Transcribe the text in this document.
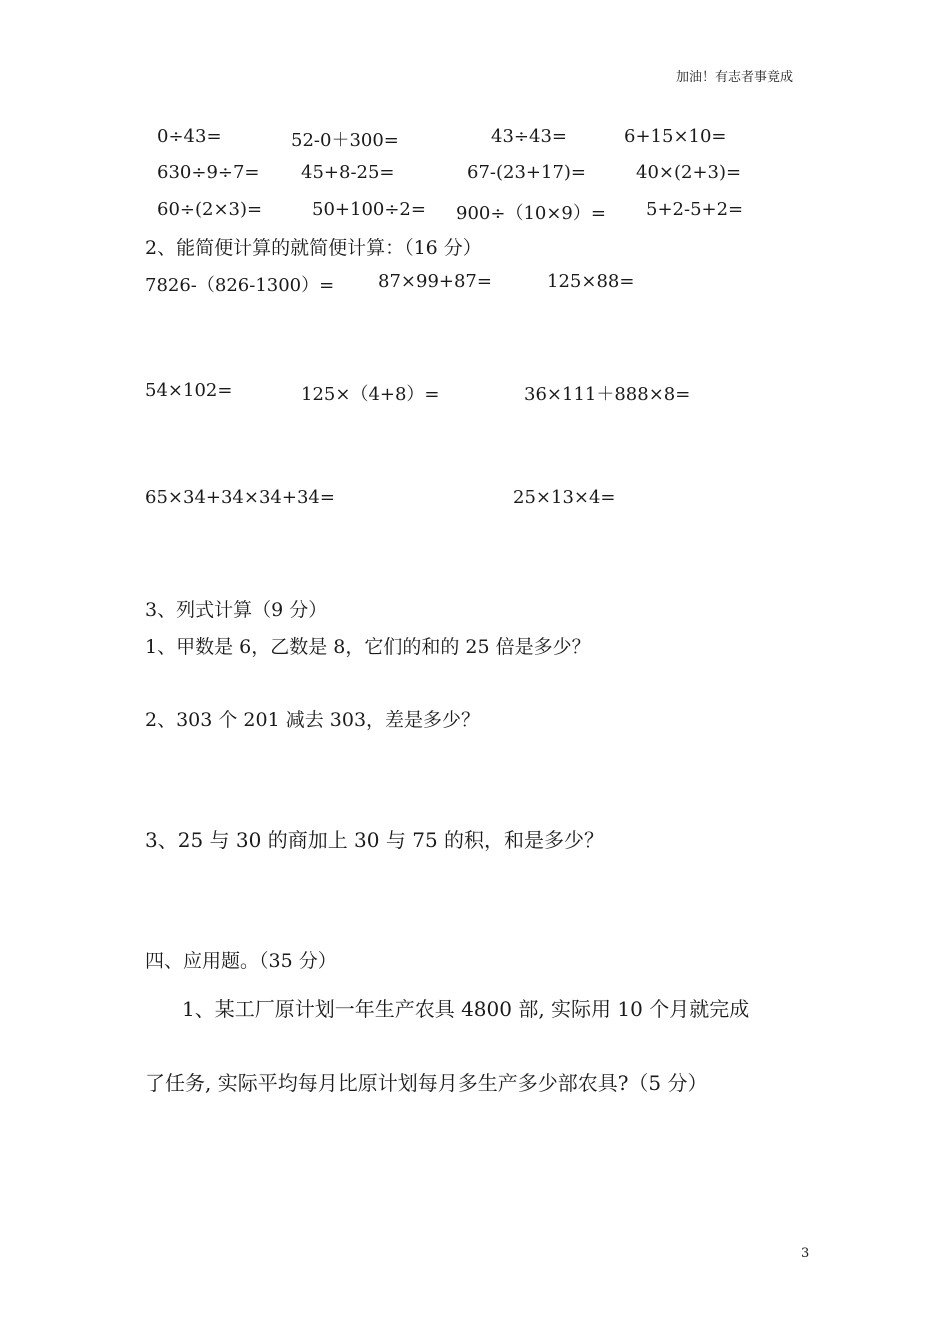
加油！有志者事竟成
0÷43=	52-0＋300=	43÷43=	6+15×10=
630÷9÷7= 45+8-25=	67-(23+17)=	40×(2+3)=
60÷(2×3)=	50+100÷2= 900÷（10×9）= 5+2-5+2=
2、能简便计算的就简便计算：（16 分）
7826-（826-1300）= 87×99+87=	125×88=
54×102=	125×（4+8）=	36×111＋888×8=
65×34+34×34+34=	25×13×4=
3、列式计算（9 分）
1、甲数是 6，乙数是 8，它们的和的 25 倍是多少？
2、303 个 201 减去 303，差是多少？
3、25 与 30 的商加上 30 与 75 的积，和是多少？
四、应用题。（35 分）
1、某工厂原计划一年生产农具 4800 部, 实际用 10 个月就完成
了任务, 实际平均每月比原计划每月多生产多少部农具?（5 分）
3
